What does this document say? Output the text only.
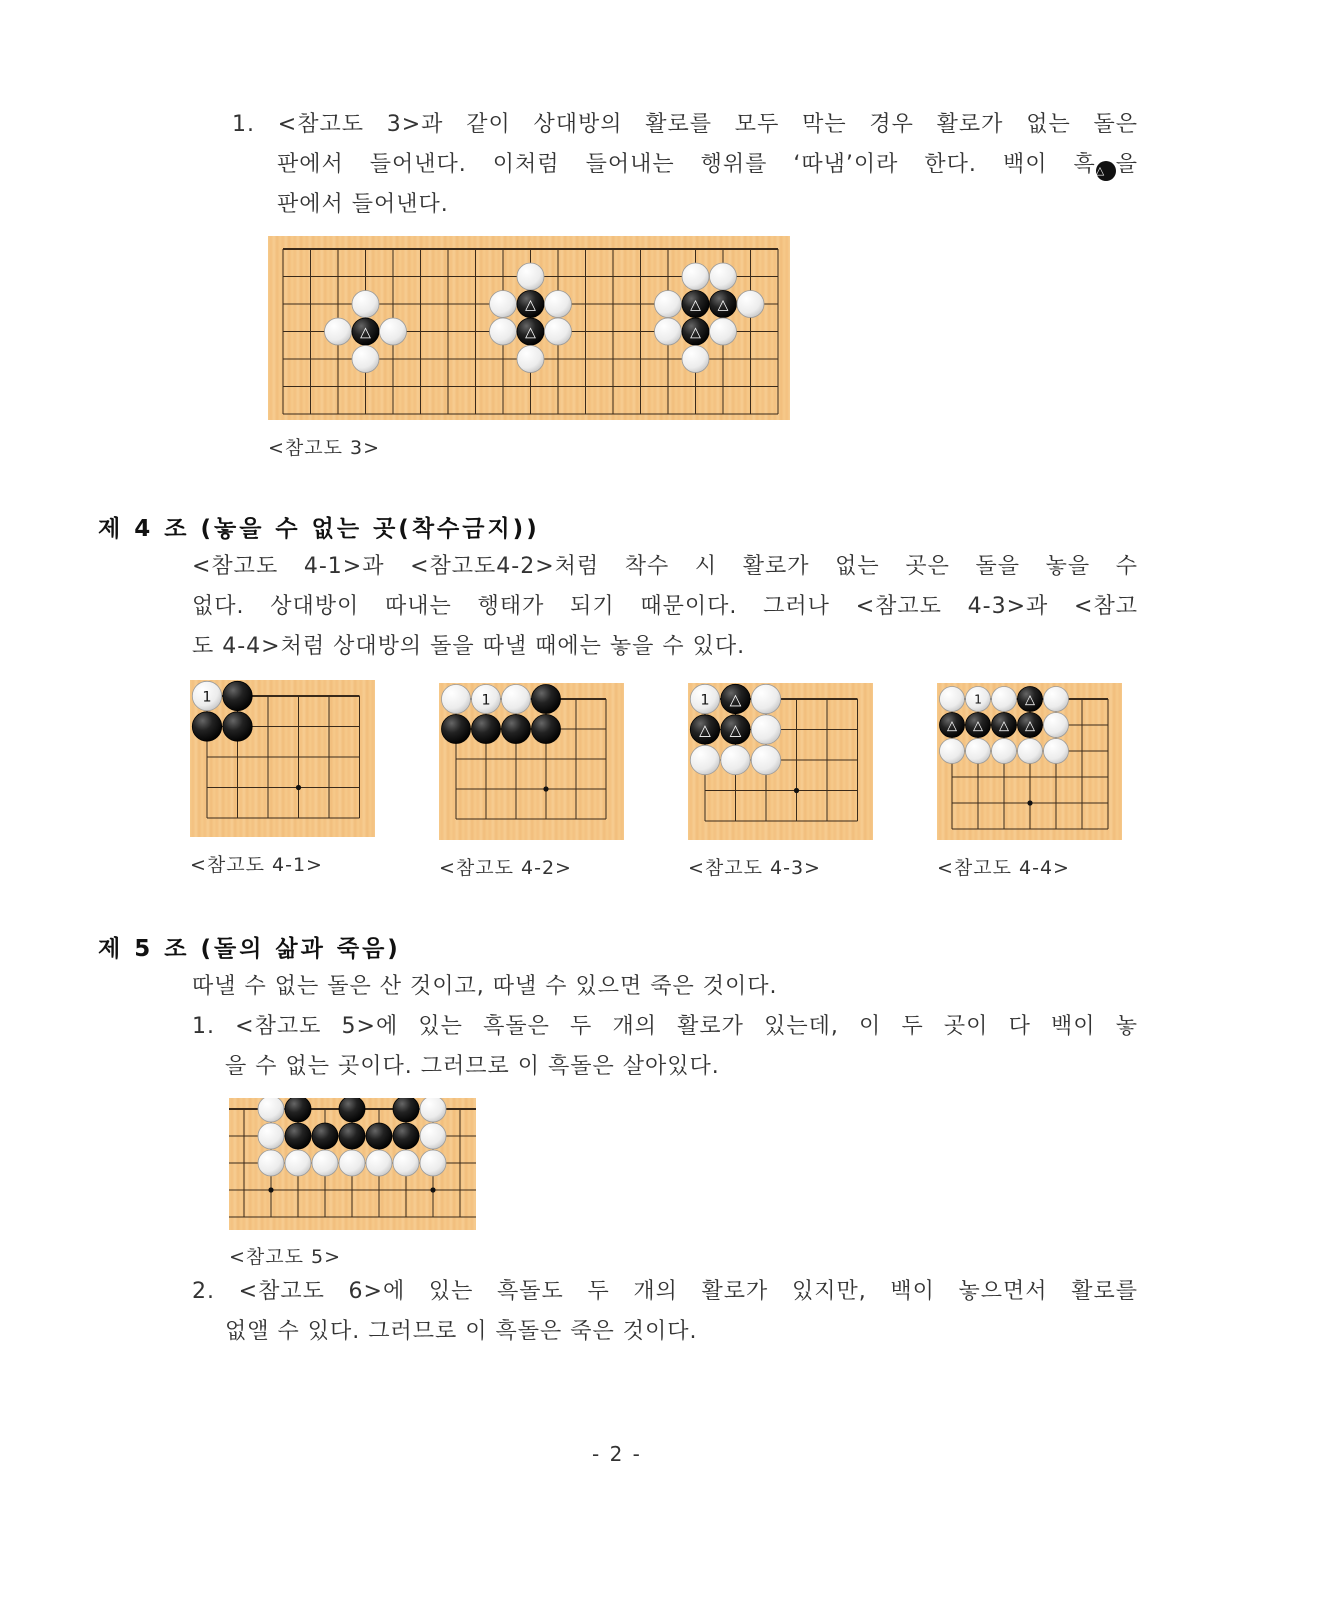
1. <참고도 3>과 같이 상대방의 활로를 모두 막는 경우 활로가 없는 돌은
판에서 들어낸다. 이처럼 들어내는 행위를 ‘따냄’이라 한다. 백이 흑△ 을
판에서 들어낸다.
△
△
△
△ △
△
<참고도 3>
제 4 조 (놓을 수 없는 곳(착수금지))
<참고도 4-1>과 <참고도4-2>처럼 착수 시 활로가 없는 곳은 돌을 놓을 수
없다. 상대방이 따내는 행태가 되기 때문이다. 그러나 <참고도 4-3>과 <참고
도 4-4>처럼 상대방의 돌을 따낼 때에는 놓을 수 있다.
1	1	1 △
△ △
1	△
△ △ △ △
<참고도 4-1>	<참고도 4-2>	<참고도 4-3>	<참고도 4-4>
제 5 조 (돌의 삶과 죽음)
따낼 수 없는 돌은 산 것이고, 따낼 수 있으면 죽은 것이다.
1. <참고도 5>에 있는 흑돌은 두 개의 활로가 있는데, 이 두 곳이 다 백이 놓
을 수 없는 곳이다. 그러므로 이 흑돌은 살아있다.
<참고도 5>
2. <참고도 6>에 있는 흑돌도 두 개의 활로가 있지만, 백이 놓으면서 활로를
없앨 수 있다. 그러므로 이 흑돌은 죽은 것이다.
- 2 -
